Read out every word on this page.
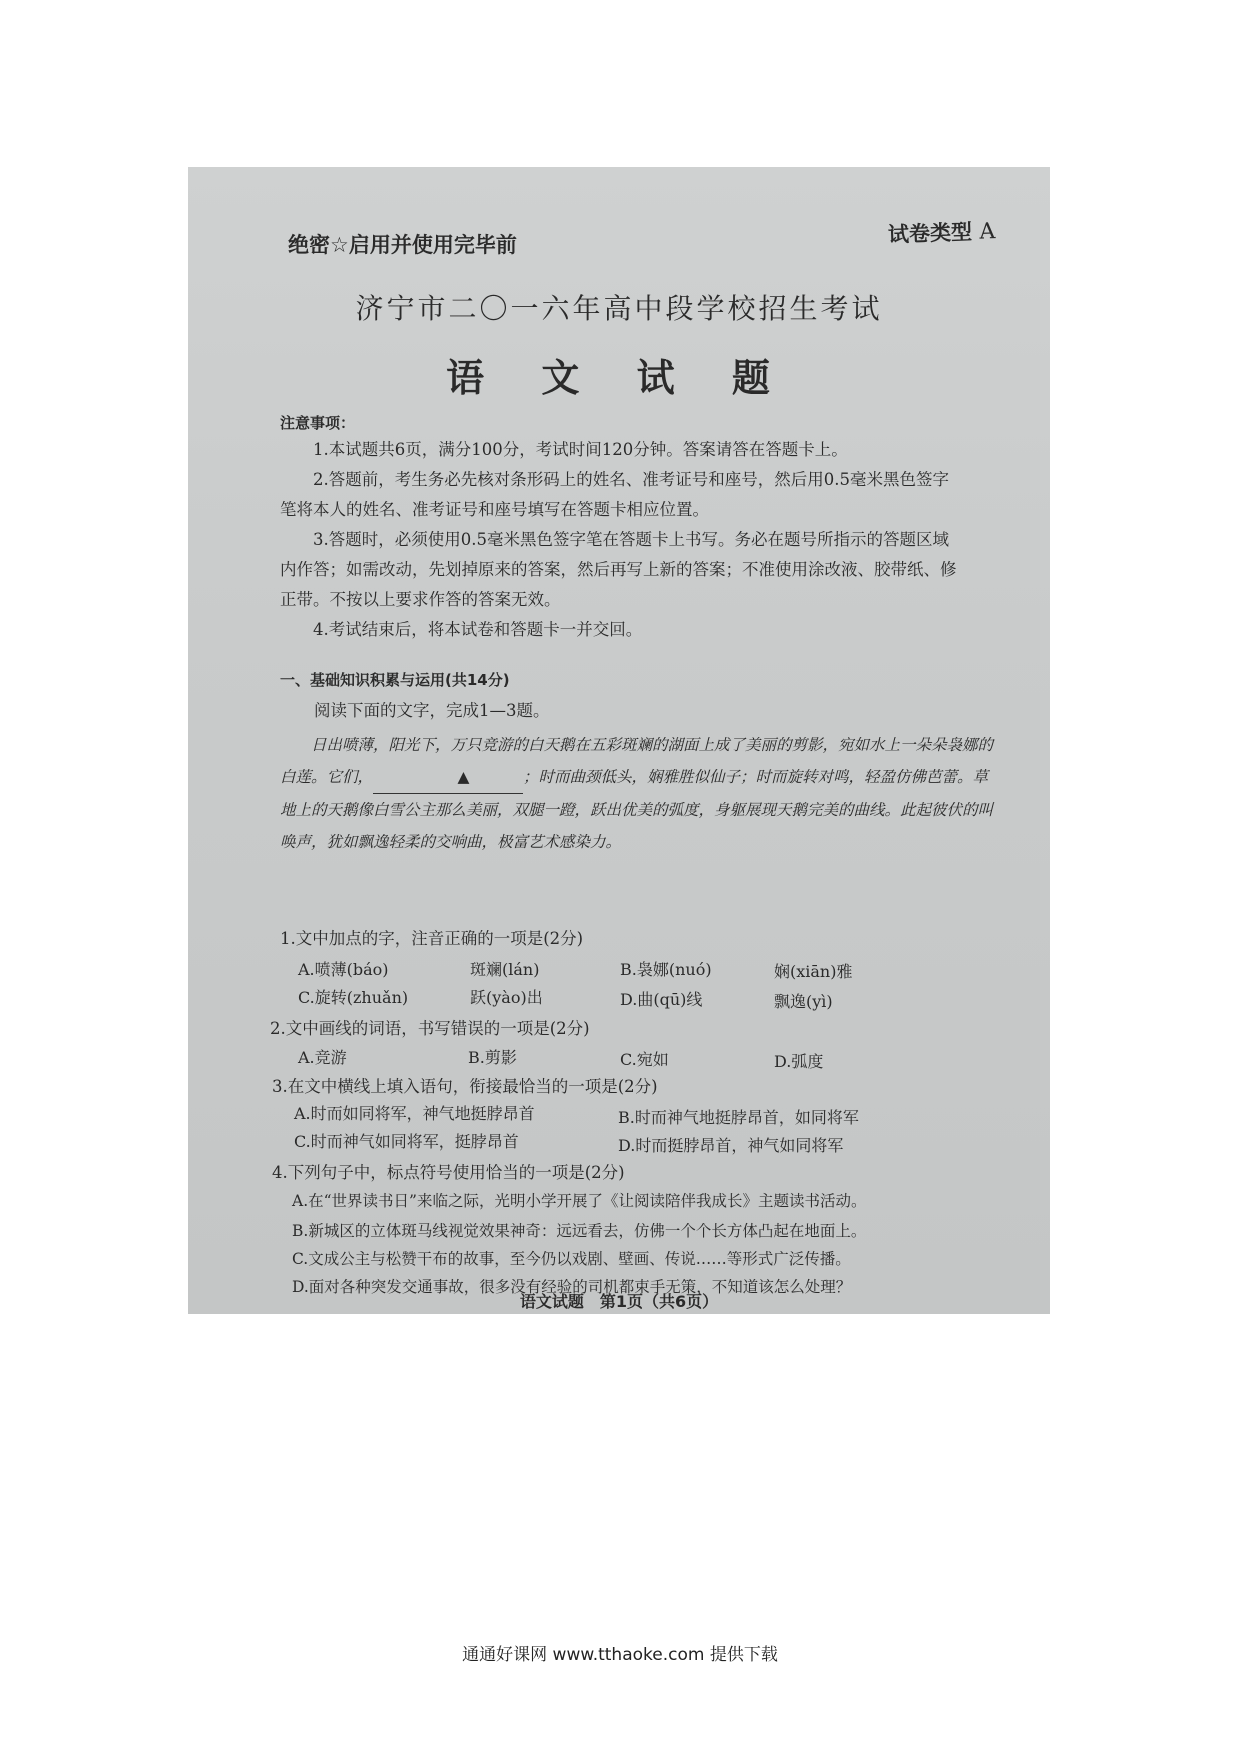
绝密☆启用并使用完毕前	试卷类型 A
济宁市二〇一六年高中段学校招生考试
语 文 试 题
注意事项：
1.本试题共6页，满分100分，考试时间120分钟。答案请答在答题卡上。
2.答题前，考生务必先核对条形码上的姓名、准考证号和座号，然后用0.5毫米黑色签字笔将本人的姓名、准考证号和座号填写在答题卡相应位置。
3.答题时，必须使用0.5毫米黑色签字笔在答题卡上书写。务必在题号所指示的答题区域内作答；如需改动，先划掉原来的答案，然后再写上新的答案；不准使用涂改液、胶带纸、修正带。不按以上要求作答的答案无效。
4.考试结束后，将本试卷和答题卡一并交回。
一、基础知识积累与运用(共14分)
阅读下面的文字，完成1—3题。
日出喷薄，阳光下，万只竞游的白天鹅在五彩斑斓的湖面上成了美丽的剪影，宛如水上一朵朵袅娜的白莲。它们，	▲	；时而曲颈低头，娴雅胜似仙子；时而旋转对鸣，轻盈仿佛芭蕾。草地上的天鹅像白雪公主那么美丽，双腿一蹬，跃出优美的弧度，身躯展现天鹅完美的曲线。此起彼伏的叫唤声，犹如飘逸轻柔的交响曲，极富艺术感染力。
1.文中加点的字，注音正确的一项是(2分)
A.喷薄(báo)	斑斓(lán)	B.袅娜(nuó)	娴(xiān)雅
C.旋转(zhuǎn)	跃(yào)出	D.曲(qū)线	飘逸(yì)
2.文中画线的词语，书写错误的一项是(2分)
A.竞游	B.剪影	C.宛如	D.弧度
3.在文中横线上填入语句，衔接最恰当的一项是(2分)
A.时而如同将军，神气地挺脖昂首	B.时而神气地挺脖昂首，如同将军
C.时而神气如同将军，挺脖昂首	D.时而挺脖昂首，神气如同将军
4.下列句子中，标点符号使用恰当的一项是(2分)
A.在“世界读书日”来临之际，光明小学开展了《让阅读陪伴我成长》主题读书活动。
B.新城区的立体斑马线视觉效果神奇：远远看去，仿佛一个个长方体凸起在地面上。
C.文成公主与松赞干布的故事，至今仍以戏剧、壁画、传说……等形式广泛传播。
D.面对各种突发交通事故，很多没有经验的司机都束手无策，不知道该怎么处理？
语文试题　第1页（共6页）
通通好课网 www.tthaoke.com 提供下载
